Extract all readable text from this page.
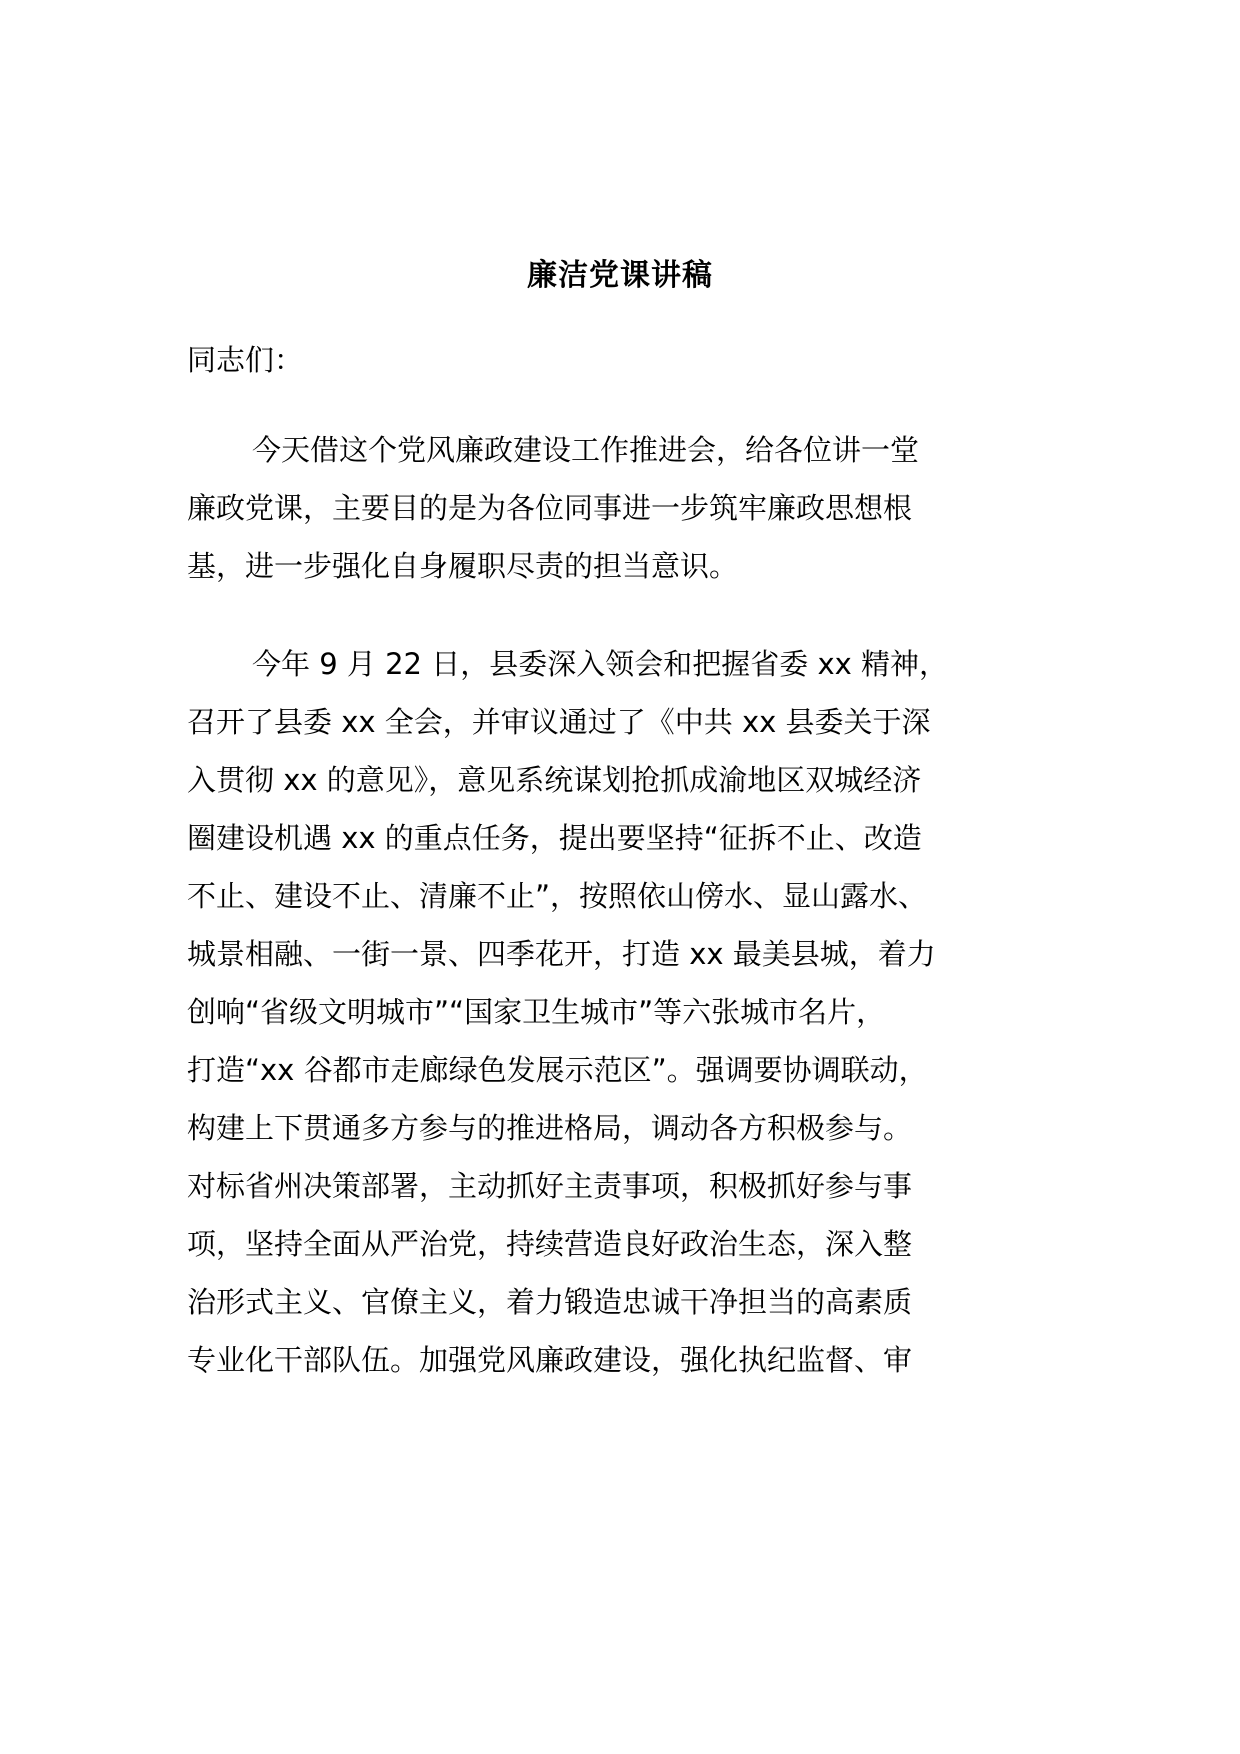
廉洁党课讲稿
同志们：
今天借这个党风廉政建设工作推进会，给各位讲一堂
廉政党课，主要目的是为各位同事进一步筑牢廉政思想根
基，进一步强化自身履职尽责的担当意识。
今年 9 月 22 日，县委深入领会和把握省委 xx 精神，
召开了县委 xx 全会，并审议通过了《中共 xx 县委关于深
入贯彻 xx 的意见》，意见系统谋划抢抓成渝地区双城经济
圈建设机遇 xx 的重点任务，提出要坚持“征拆不止、改造
不止、建设不止、清廉不止”，按照依山傍水、显山露水、
城景相融、一街一景、四季花开，打造 xx 最美县城，着力
创响“省级文明城市”“国家卫生城市”等六张城市名片，
打造“xx 谷都市走廊绿色发展示范区”。强调要协调联动，
构建上下贯通多方参与的推进格局，调动各方积极参与。
对标省州决策部署，主动抓好主责事项，积极抓好参与事
项，坚持全面从严治党，持续营造良好政治生态，深入整
治形式主义、官僚主义，着力锻造忠诚干净担当的高素质
专业化干部队伍。加强党风廉政建设，强化执纪监督、审
